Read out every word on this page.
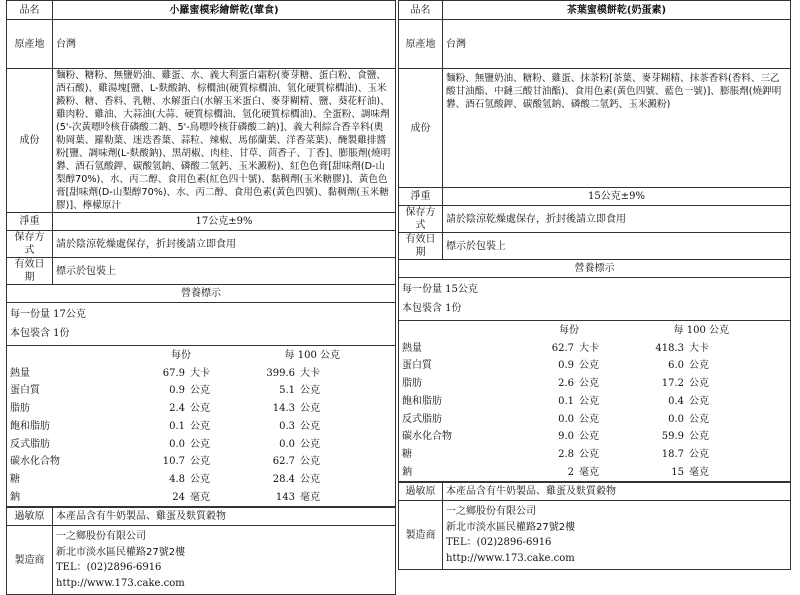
品名	小羅蜜模彩繪餅乾(葷食)
原產地	台灣
成份	麵粉、糖粉、無鹽奶油、雞蛋、水、義大利蛋白霜粉(麥芽糖、蛋白粉、食鹽、酒石酸)、雞湯塊[鹽、L-麩酸鈉、棕櫚油(硬質棕櫚油、氫化硬質棕櫚油)、玉米澱粉、糖、香料、乳糖、水解蛋白(水解玉米蛋白、麥芽糊精、鹽、葵花籽油)、雞肉粉、雞油、大蒜油(大蒜、硬質棕櫚油、氫化硬質棕櫚油)、全蛋粉、調味劑(5'-次黃嘌呤核苷磷酸二鈉、5'-鳥嘌呤核苷磷酸二鈉)]、義大利綜合香辛料(奧勒岡葉、羅勒葉、迷迭香葉、蒜粒、辣椒、馬郁蘭葉、洋香菜葉)、醃製雞排醬粉[鹽、調味劑(L-麩酸鈉)、黑胡椒、肉桂、甘草、茴香子、丁香]、膨脹劑(燒明礬、酒石氫酸鉀、碳酸氫鈉、磷酸二氫鈣、玉米澱粉)、紅色色膏[甜味劑(D-山梨醇70%)、水、丙二醇、食用色素(紅色四十號)、黏稠劑(玉米糖膠)]、黃色色膏[甜味劑(D-山梨醇70%)、水、丙二醇、食用色素(黃色四號)、黏稠劑(玉米糖膠)]、檸檬原汁
淨重	17公克±9%
保存方式	請於陰涼乾燥處保存，折封後請立即食用
有效日期	標示於包裝上
營養標示	
每一份量 17公克
本包裝含 1份
每份	每 100 公克
熱量	67.9 大卡	399.6 大卡
蛋白質	0.9 公克	5.1 公克
脂肪	2.4 公克	14.3 公克
飽和脂肪	0.1 公克	0.3 公克
反式脂肪	0.0 公克	0.0 公克
碳水化合物	10.7 公克	62.7 公克
糖	4.8 公克	28.4 公克
鈉	24 毫克	143 毫克
過敏原	本產品含有牛奶製品、雞蛋及麩質穀物
製造商	一之鄉股份有限公司
新北市淡水區民權路27號2樓
TEL：(02)2896-6916
http://www.173.cake.com
品名	茶葉蜜模餅乾(奶蛋素)
原產地	台灣
成份	麵粉、無鹽奶油、糖粉、雞蛋、抹茶粉[茶葉、麥芽糊精、抹茶香料(香料、三乙酸甘油酯、中鏈三酸甘油酯)、食用色素(黃色四號、藍色一號)]、膨脹劑(燒鉀明礬、酒石氫酸鉀、碳酸氫鈉、磷酸二氫鈣、玉米澱粉)
淨重	15公克±9%
保存方式	請於陰涼乾燥處保存，折封後請立即食用
有效日期	標示於包裝上
營養標示	
每一份量 15公克
本包裝含 1份
每份	每 100 公克
熱量	62.7 大卡	418.3 大卡
蛋白質	0.9 公克	6.0 公克
脂肪	2.6 公克	17.2 公克
飽和脂肪	0.1 公克	0.4 公克
反式脂肪	0.0 公克	0.0 公克
碳水化合物	9.0 公克	59.9 公克
糖	2.8 公克	18.7 公克
鈉	2 毫克	15 毫克
過敏原	本產品含有牛奶製品、雞蛋及麩質穀物
製造商	一之鄉股份有限公司
新北市淡水區民權路27號2樓
TEL：(02)2896-6916
http://www.173.cake.com
